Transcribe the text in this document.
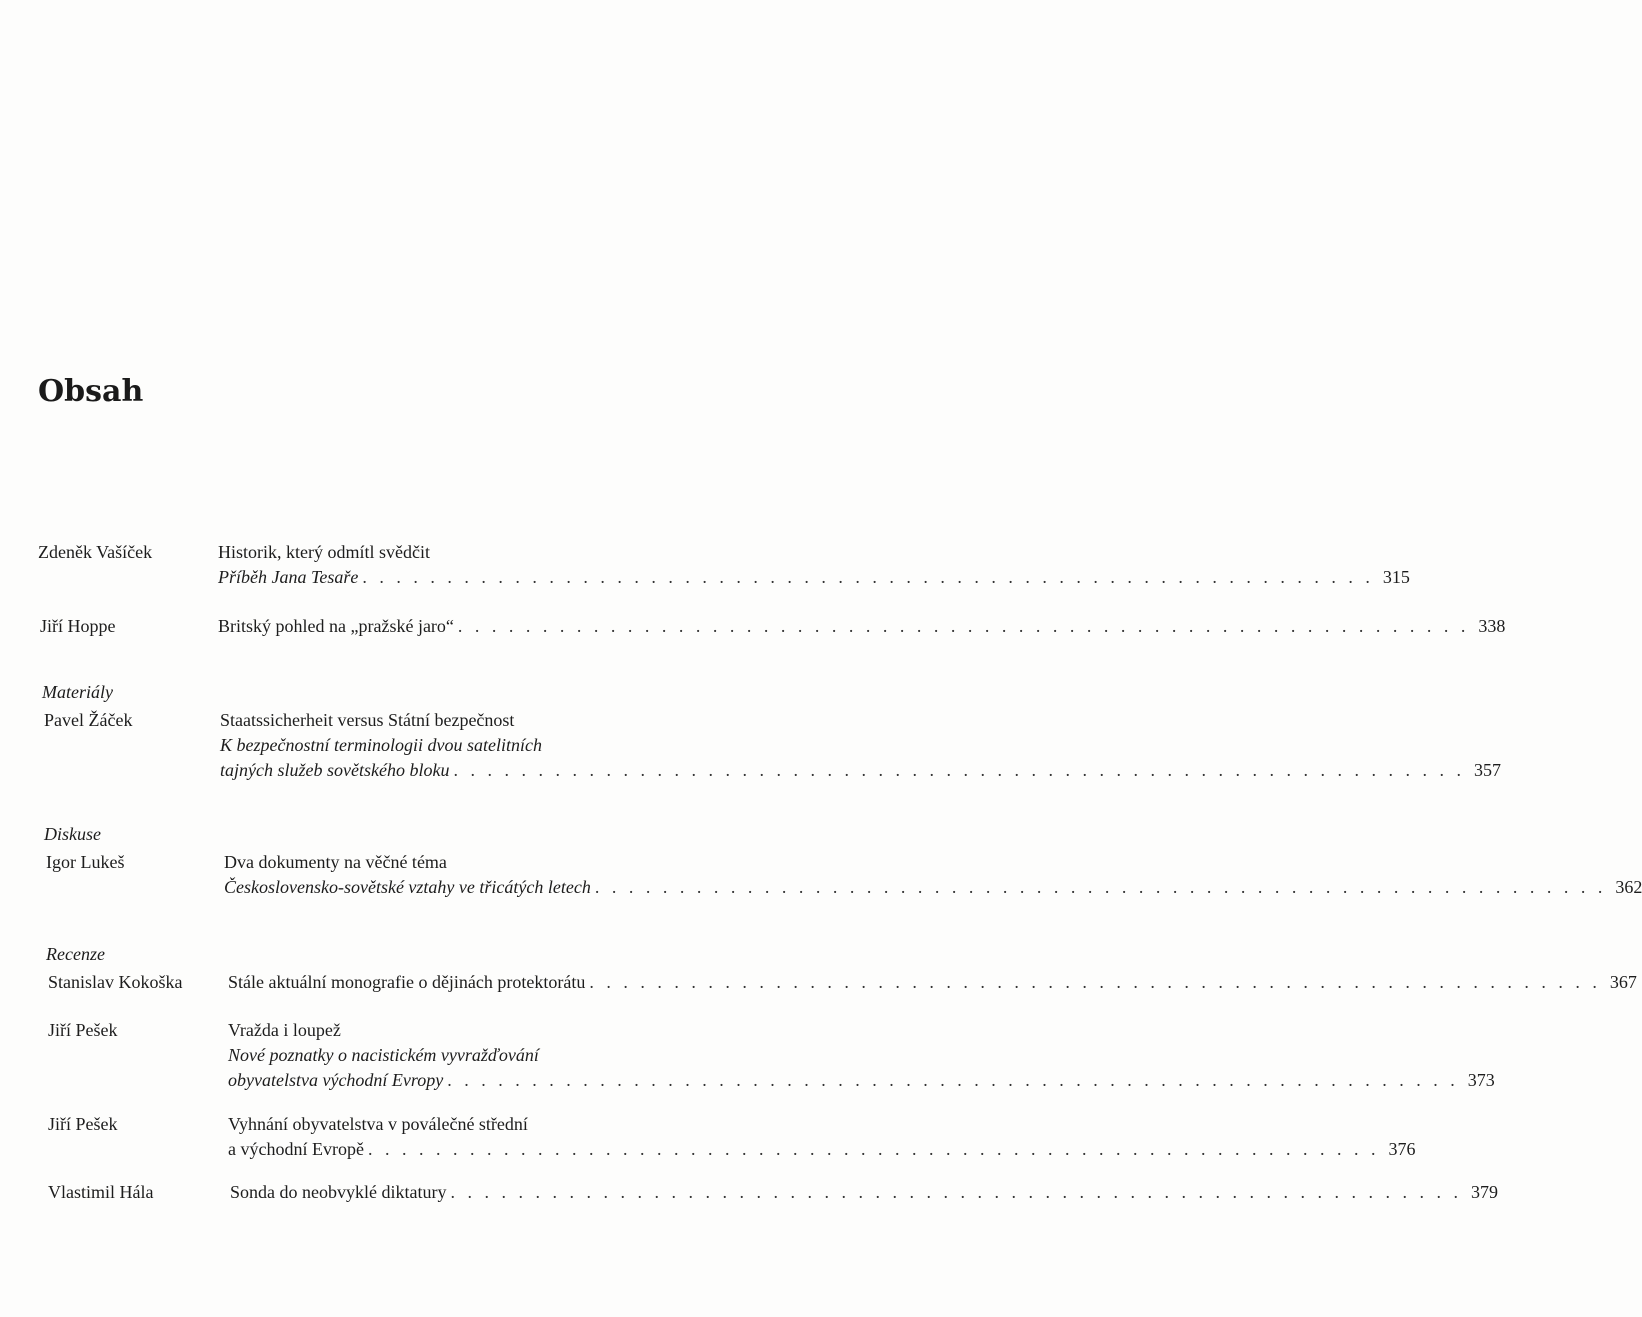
Obsah
Zdeněk Vašíček	Historik, který odmítl svědčit
Příběh Jana Tesaře . . . . . . . . . . . . . . . . . . . . . . . . . . . . . . . . . . . . . . . . . . . . . . . . . . . . . . . . . . . . 315
Jiří Hoppe	Britský pohled na „pražské jaro“ . . . . . . . . . . . . . . . . . . . . . . . . . . . . . . . . . . . . . . . . . . . . . . . . . . . . . . . . . . . . 338
Materiály
Pavel Žáček	Staatssicherheit versus Státní bezpečnost
K bezpečnostní terminologii dvou satelitních
tajných služeb sovětského bloku . . . . . . . . . . . . . . . . . . . . . . . . . . . . . . . . . . . . . . . . . . . . . . . . . . . . . . . . . . . . 357
Diskuse
Igor Lukeš	Dva dokumenty na věčné téma
Československo-sovětské vztahy ve třicátých letech . . . . . . . . . . . . . . . . . . . . . . . . . . . . . . . . . . . . . . . . . . . . . . . . . . . . . . . . . . . . 362
Recenze
Stanislav Kokoška	Stále aktuální monografie o dějinách protektorátu . . . . . . . . . . . . . . . . . . . . . . . . . . . . . . . . . . . . . . . . . . . . . . . . . . . . . . . . . . . . 367
Jiří Pešek	Vražda i loupež
Nové poznatky o nacistickém vyvražďování
obyvatelstva východní Evropy . . . . . . . . . . . . . . . . . . . . . . . . . . . . . . . . . . . . . . . . . . . . . . . . . . . . . . . . . . . . 373
Jiří Pešek	Vyhnání obyvatelstva v poválečné střední
a východní Evropě . . . . . . . . . . . . . . . . . . . . . . . . . . . . . . . . . . . . . . . . . . . . . . . . . . . . . . . . . . . . 376
Vlastimil Hála	Sonda do neobvyklé diktatury . . . . . . . . . . . . . . . . . . . . . . . . . . . . . . . . . . . . . . . . . . . . . . . . . . . . . . . . . . . . 379
